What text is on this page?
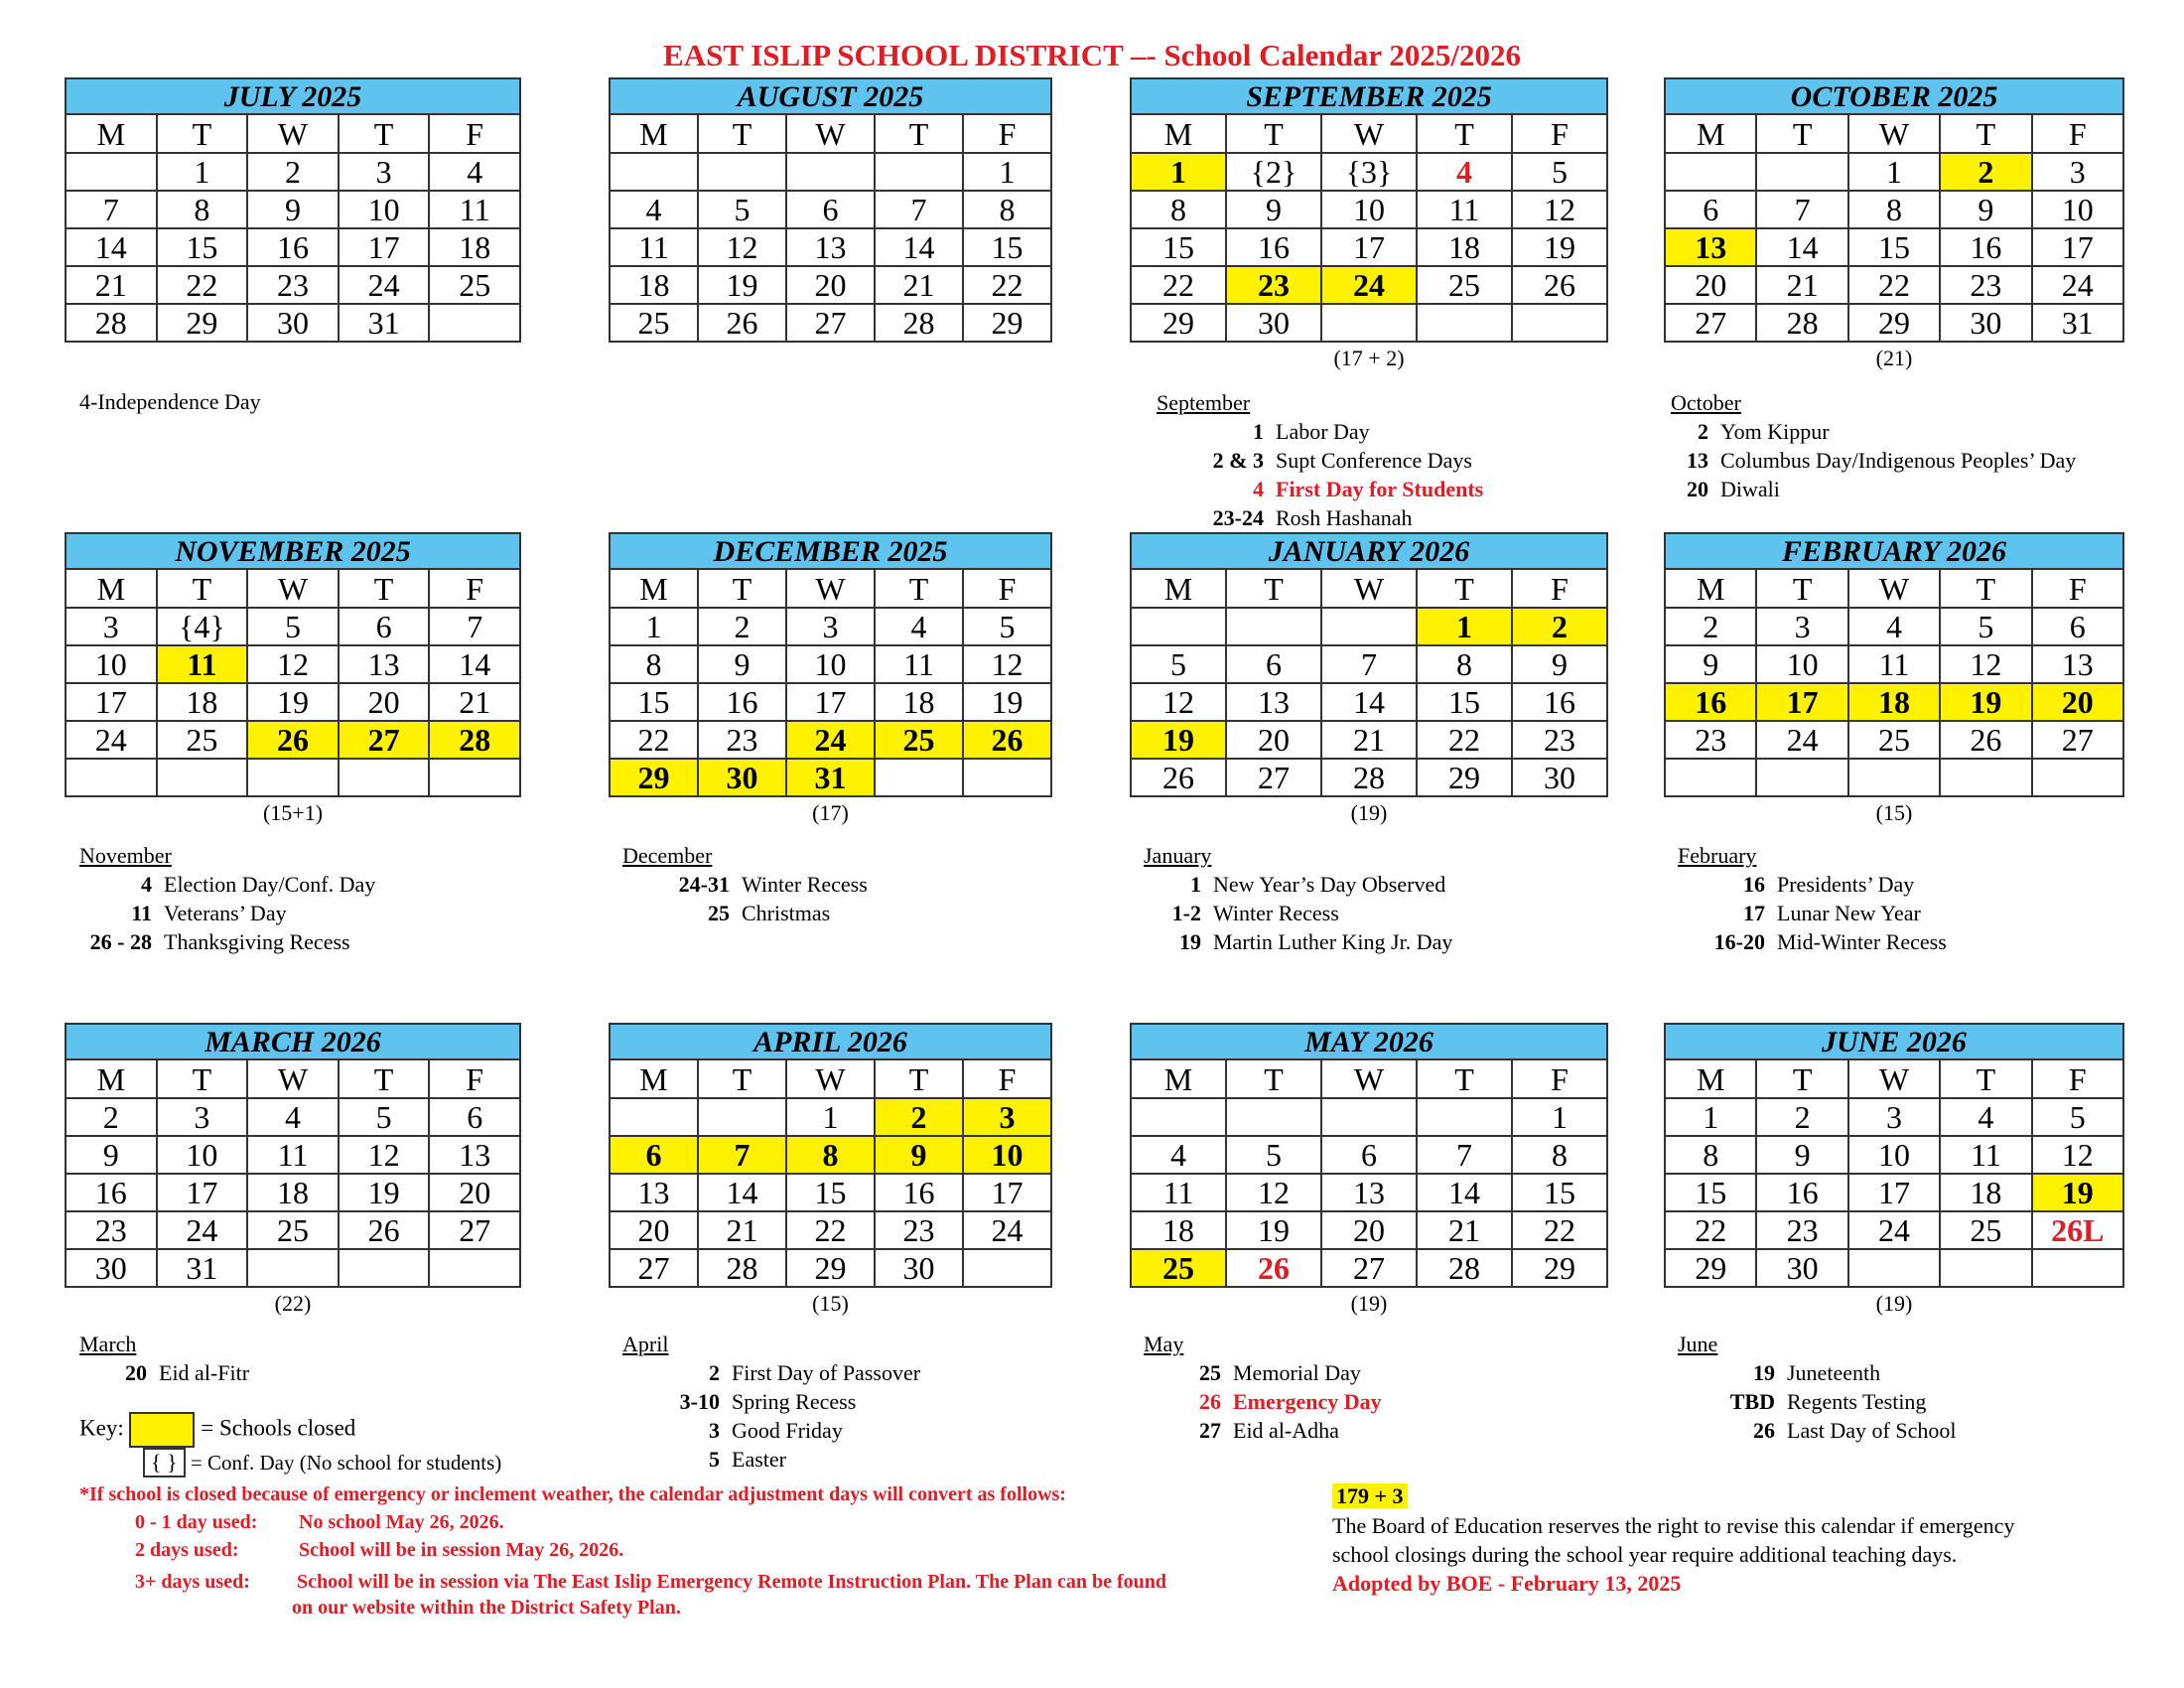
EAST ISLIP SCHOOL DISTRICT –- School Calendar 2025/2026
JULY 2025
M	T	W	T	F
	1	2	3	4
7	8	9	10	11
14	15	16	17	18
21	22	23	24	25
28	29	30	31	
AUGUST 2025
M	T	W	T	F
				1
4	5	6	7	8
11	12	13	14	15
18	19	20	21	22
25	26	27	28	29
SEPTEMBER 2025
M	T	W	T	F
1	{2}	{3}	4	5
8	9	10	11	12
15	16	17	18	19
22	23	24	25	26
29	30			
(17 + 2)
OCTOBER 2025
M	T	W	T	F
		1	2	3
6	7	8	9	10
13	14	15	16	17
20	21	22	23	24
27	28	29	30	31
(21)
NOVEMBER 2025
M	T	W	T	F
3	{4}	5	6	7
10	11	12	13	14
17	18	19	20	21
24	25	26	27	28

(15+1)
DECEMBER 2025
M	T	W	T	F
1	2	3	4	5
8	9	10	11	12
15	16	17	18	19
22	23	24	25	26
29	30	31		
(17)
JANUARY 2026
M	T	W	T	F
			1	2
5	6	7	8	9
12	13	14	15	16
19	20	21	22	23
26	27	28	29	30
(19)
FEBRUARY 2026
M	T	W	T	F
2	3	4	5	6
9	10	11	12	13
16	17	18	19	20
23	24	25	26	27

(15)
MARCH 2026
M	T	W	T	F
2	3	4	5	6
9	10	11	12	13
16	17	18	19	20
23	24	25	26	27
30	31			
(22)
APRIL 2026
M	T	W	T	F
		1	2	3
6	7	8	9	10
13	14	15	16	17
20	21	22	23	24
27	28	29	30	
(15)
MAY 2026
M	T	W	T	F
				1
4	5	6	7	8
11	12	13	14	15
18	19	20	21	22
25	26	27	28	29
(19)
JUNE 2026
M	T	W	T	F
1	2	3	4	5
8	9	10	11	12
15	16	17	18	19
22	23	24	25	26L
29	30			
(19)
4-Independence Day	September
1 Labor Day
2 & 3 Supt Conference Days
4 First Day for Students
23-24 Rosh Hashanah
October
2 Yom Kippur
13 Columbus Day/Indigenous Peoples’ Day
20 Diwali
November
4 Election Day/Conf. Day
11 Veterans’ Day
26 - 28 Thanksgiving Recess
December
24-31 Winter Recess
25 Christmas
January
1 New Year’s Day Observed
1-2 Winter Recess
19 Martin Luther King Jr. Day
February
16 Presidents’ Day
17 Lunar New Year
16-20 Mid-Winter Recess
March
20 Eid al-Fitr
April
2 First Day of Passover
3-10 Spring Recess
3 Good Friday
5 Easter
May
25 Memorial Day
26 Emergency Day
27 Eid al-Adha
June
19 Juneteenth
TBD Regents Testing
26 Last Day of School
Key:	= Schools closed
{ } = Conf. Day (No school for students)
*If school is closed because of emergency or inclement weather, the calendar adjustment days will convert as follows:
0 - 1 day used: No school May 26, 2026.
2 days used:	School will be in session May 26, 2026.
3+ days used: School will be in session via The East Islip Emergency Remote Instruction Plan. The Plan can be found
on our website within the District Safety Plan.
179 + 3
The Board of Education reserves the right to revise this calendar if emergency
school closings during the school year require additional teaching days.
Adopted by BOE - February 13, 2025
